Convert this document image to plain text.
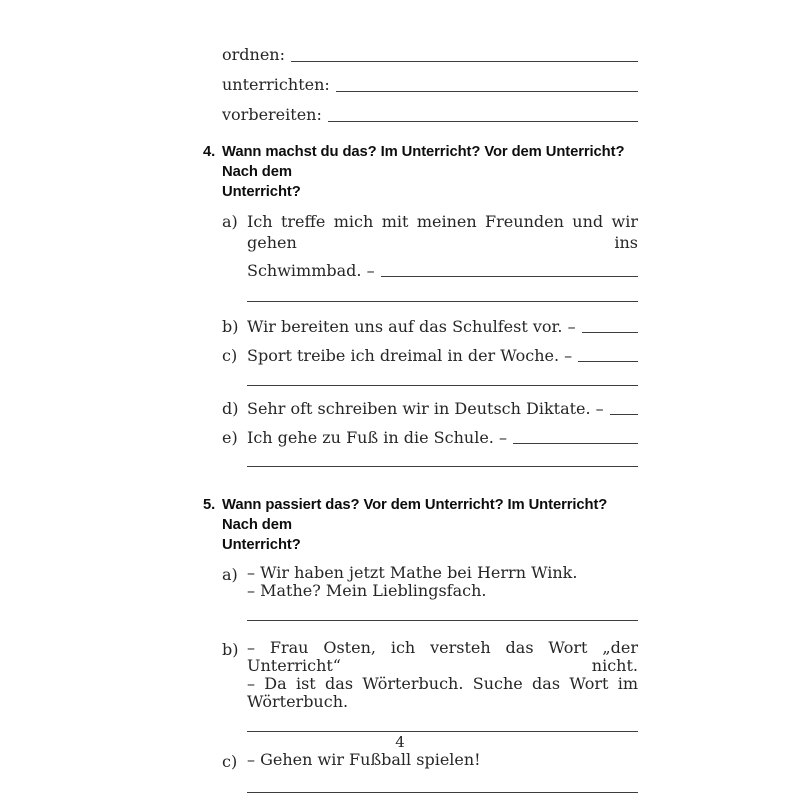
ordnen:
unterrichten:
vorbereiten:
4. Wann machst du das? Im Unterricht? Vor dem Unterricht? Nach dem
Unterricht?
a) Ich treffe mich mit meinen Freunden und wir gehen ins
Schwimmbad. –
b) Wir bereiten uns auf das Schulfest vor. –
c) Sport treibe ich dreimal in der Woche. –
d) Sehr oft schreiben wir in Deutsch Diktate. –
e) Ich gehe zu Fuß in die Schule. –
5. Wann passiert das? Vor dem Unterricht? Im Unterricht? Nach dem
Unterricht?
a) – Wir haben jetzt Mathe bei Herrn Wink.
– Mathe? Mein Lieblingsfach.
b) – Frau Osten, ich versteh das Wort „der Unterricht“ nicht.
– Da ist das Wörterbuch. Suche das Wort im Wörterbuch.
c) – Gehen wir Fußball spielen!
4
